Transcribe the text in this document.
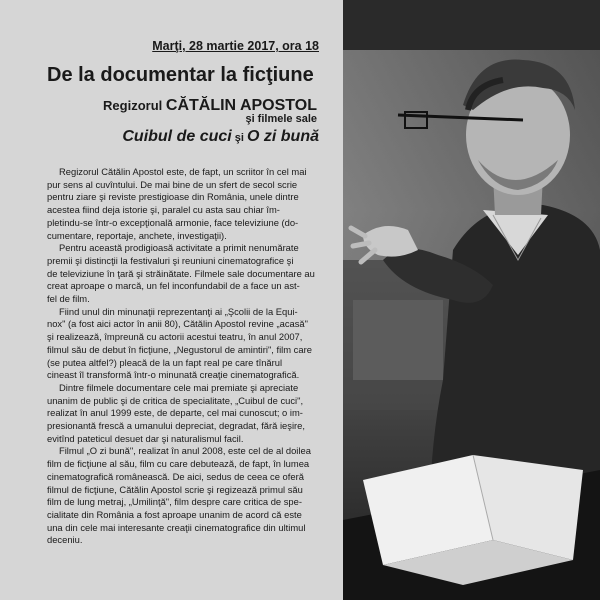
Marţi, 28 martie 2017, ora 18
De la documentar la ficţiune
Regizorul CĂTĂLIN APOSTOL
şi filmele sale
Cuibul de cuci şi O zi bună

Regizorul Cătălin Apostol este, de fapt, un scriitor în cel mai
pur sens al cuvîntului. De mai bine de un sfert de secol scrie
pentru ziare şi reviste prestigioase din România, unele dintre
acestea fiind deja istorie şi, paralel cu asta sau chiar îm-
pletindu-se într-o excepţională armonie, face televiziune (do-
cumentare, reportaje, anchete, investigaţii).

Pentru această prodigioasă activitate a primit nenumărate
premii şi distincţii la festivaluri şi reuniuni cinematografice şi
de televiziune în ţară şi străinătate. Filmele sale documentare au
creat aproape o marcă, un fel inconfundabil de a face un ast-
fel de film.

Fiind unul din minunaţii reprezentanţi ai „Şcolii de la Equi-
nox" (a fost aici actor în anii 80), Cătălin Apostol revine „acasă"
şi realizează, împreună cu actorii acestui teatru, în anul 2007,
filmul său de debut în ficţiune, „Negustorul de amintiri", film care
(se putea altfel?) pleacă de la un fapt real pe care tînărul
cineast îl transformă într-o minunată creaţie cinematografică.

Dintre filmele documentare cele mai premiate şi apreciate
unanim de public şi de critica de specialitate, „Cuibul de cuci",
realizat în anul 1999 este, de departe, cel mai cunoscut; o im-
presionantă frescă a umanului depreciat, degradat, fără ieşire,
evitînd pateticul desuet dar şi naturalismul facil.

Filmul „O zi bună", realizat în anul 2008, este cel de al doilea
film de ficţiune al său, film cu care debutează, de fapt, în lumea
cinematografică românească. De aici, sedus de ceea ce oferă
filmul de ficţiune, Cătălin Apostol scrie şi regizează primul său
film de lung metraj, „Umilinţă", film despre care critica de spe-
cialitate din România a fost aproape unanim de acord că este
una din cele mai interesante creaţii cinematografice din ultimul
deceniu.
